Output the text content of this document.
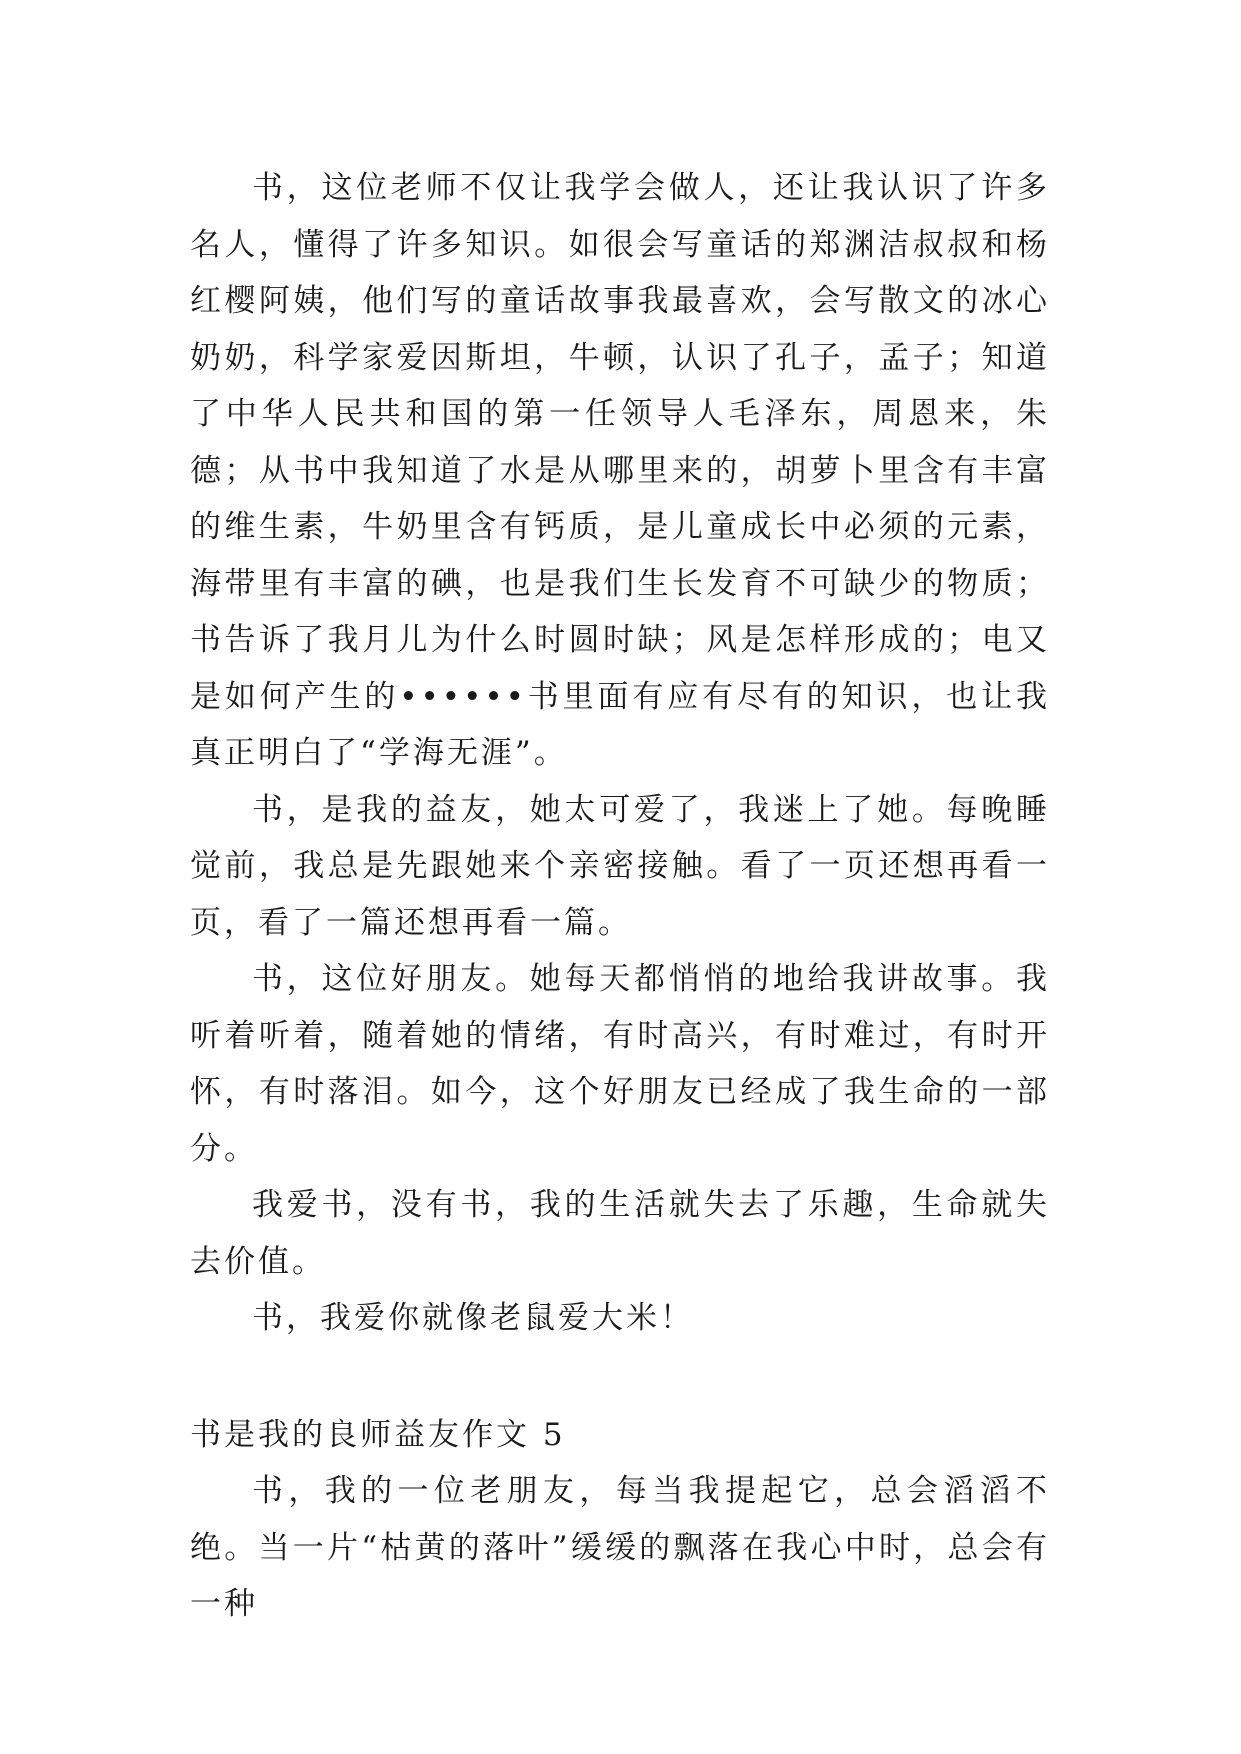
书，这位老师不仅让我学会做人，还让我认识了许多名人，懂得了许多知识。如很会写童话的郑渊洁叔叔和杨红樱阿姨，他们写的童话故事我最喜欢，会写散文的冰心奶奶，科学家爱因斯坦，牛顿，认识了孔子，孟子；知道了中华人民共和国的第一任领导人毛泽东，周恩来，朱德；从书中我知道了水是从哪里来的，胡萝卜里含有丰富的维生素，牛奶里含有钙质，是儿童成长中必须的元素，海带里有丰富的碘，也是我们生长发育不可缺少的物质；书告诉了我月儿为什么时圆时缺；风是怎样形成的；电又是如何产生的••••••书里面有应有尽有的知识，也让我真正明白了“学海无涯”。

书，是我的益友，她太可爱了，我迷上了她。每晚睡觉前，我总是先跟她来个亲密接触。看了一页还想再看一页，看了一篇还想再看一篇。

书，这位好朋友。她每天都悄悄的地给我讲故事。我听着听着，随着她的情绪，有时高兴，有时难过，有时开怀，有时落泪。如今，这个好朋友已经成了我生命的一部分。

我爱书，没有书，我的生活就失去了乐趣，生命就失去价值。

书，我爱你就像老鼠爱大米！

书是我的良师益友作文 5

书，我的一位老朋友，每当我提起它，总会滔滔不绝。当一片“枯黄的落叶”缓缓的飘落在我心中时，总会有一种
